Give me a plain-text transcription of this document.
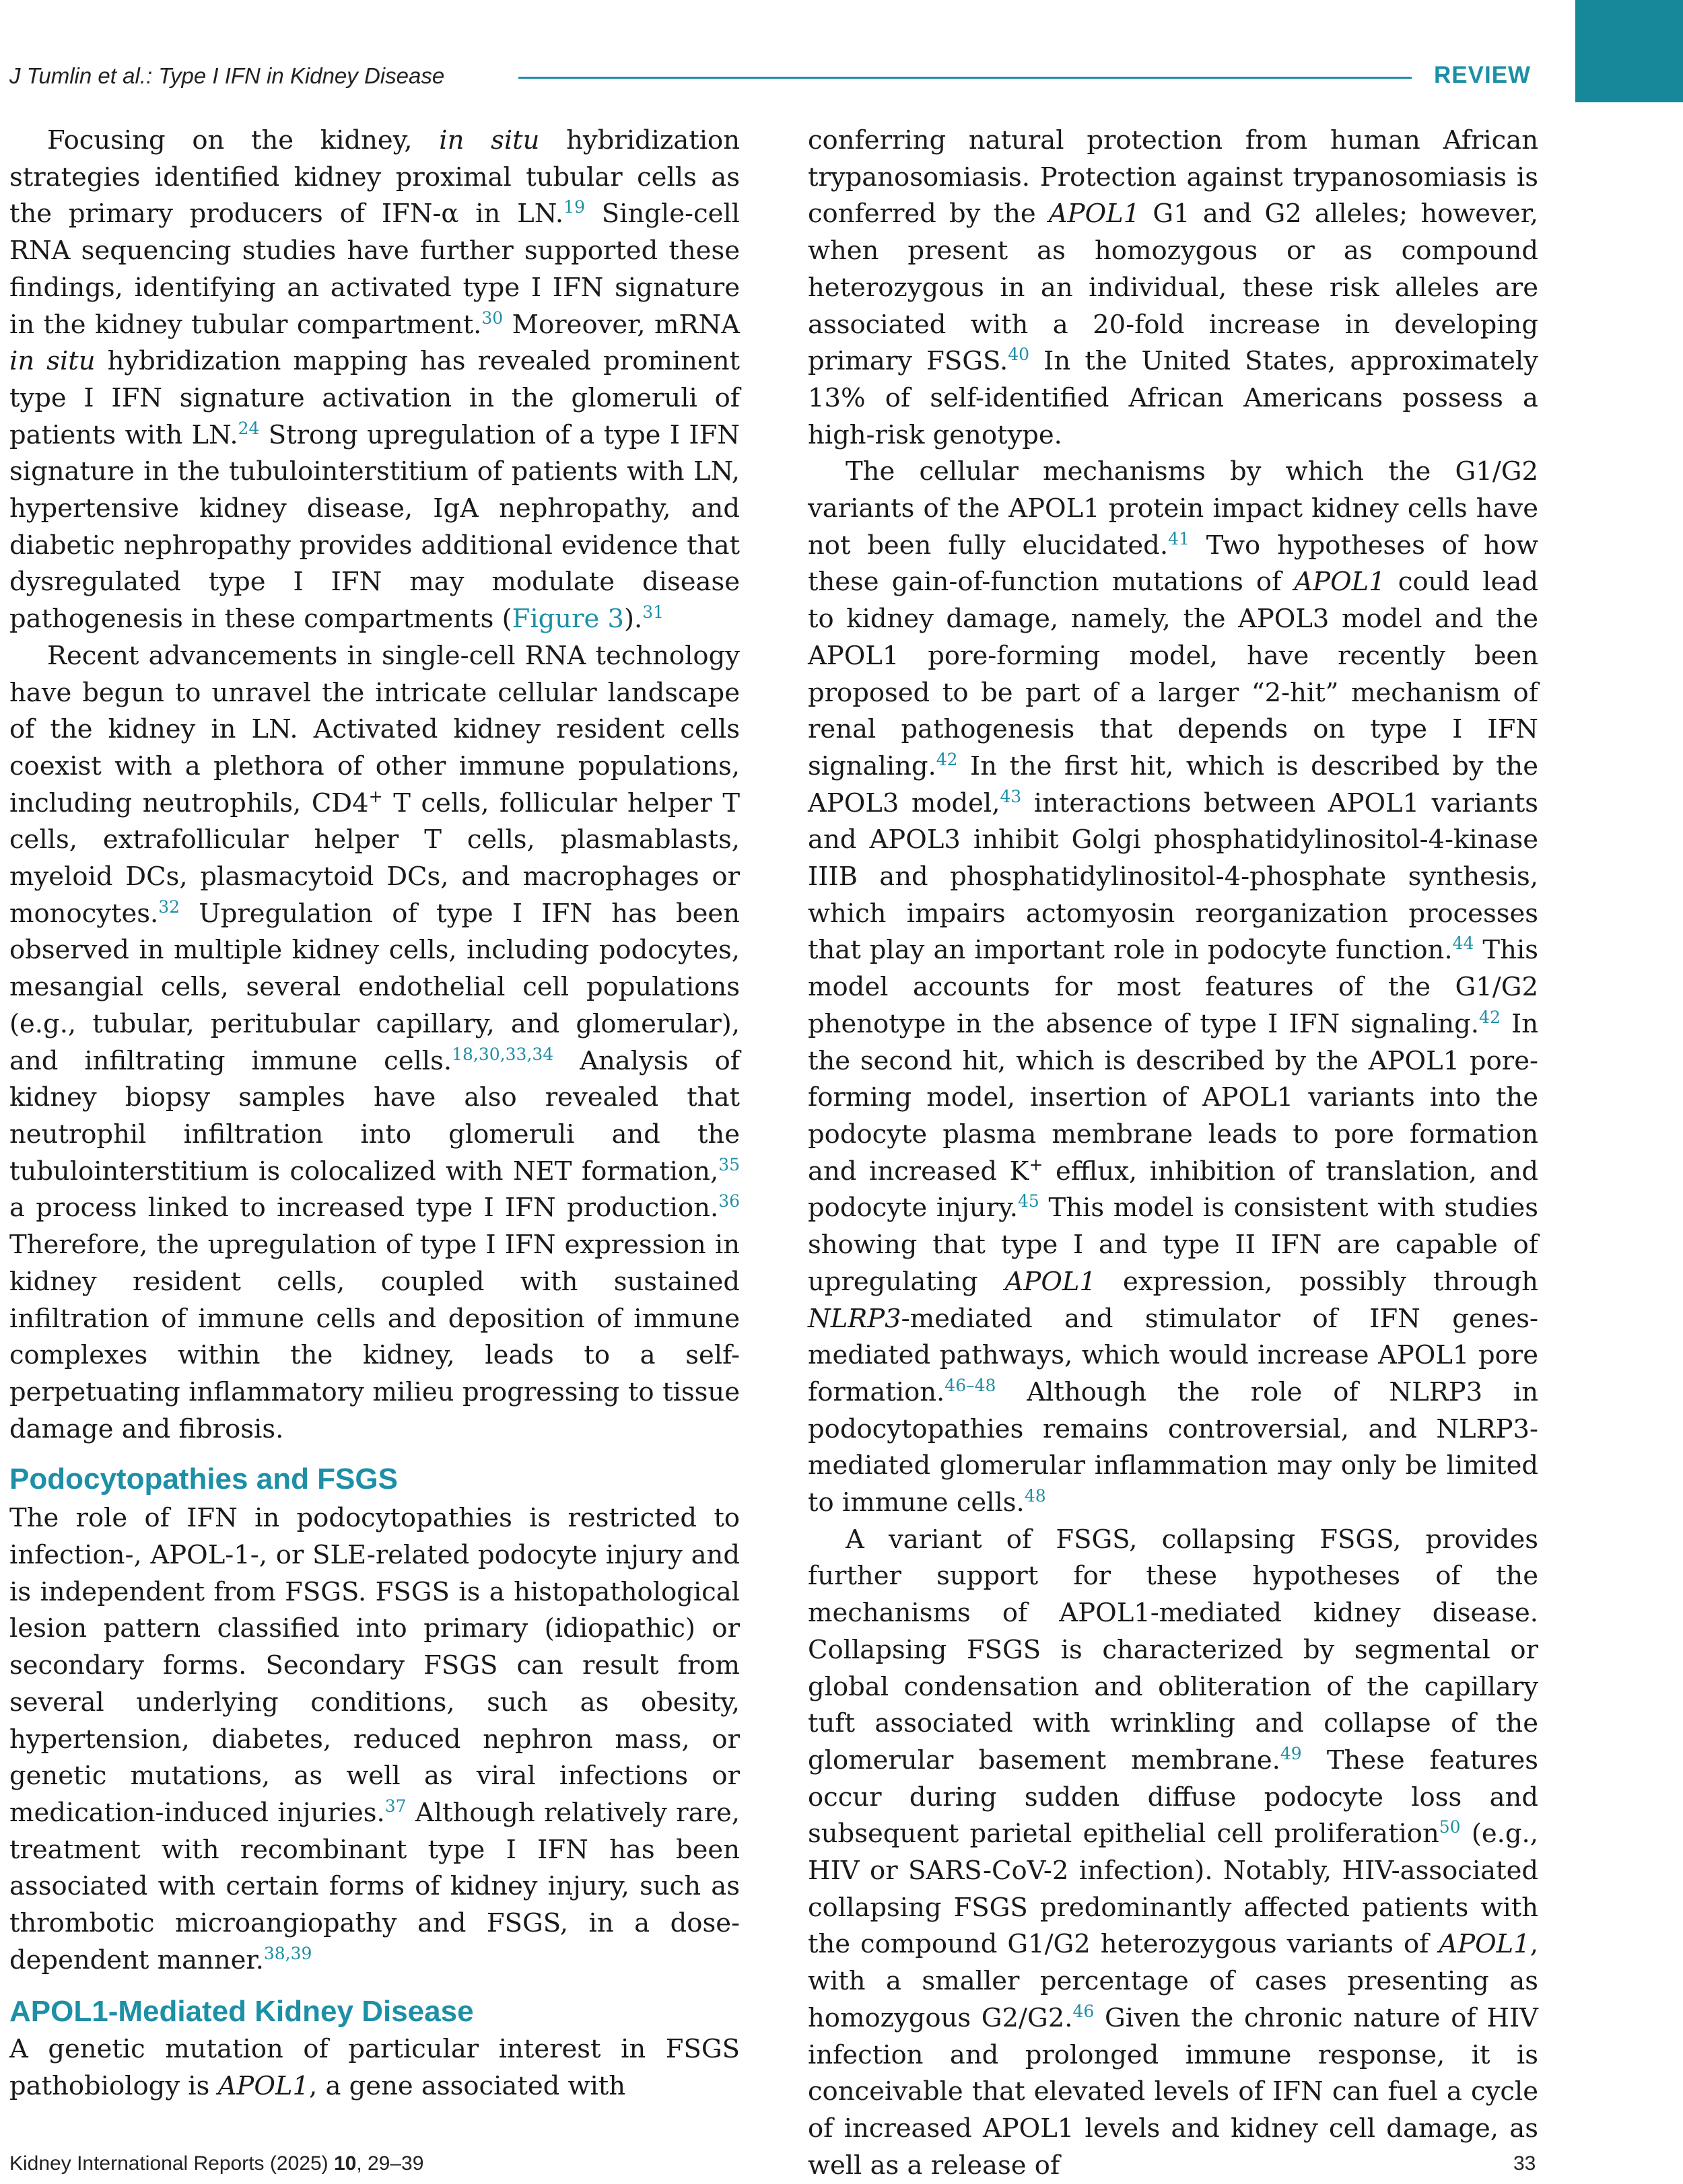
J Tumlin et al.: Type I IFN in Kidney Disease	REVIEW

Focusing on the kidney, in situ hybridization strategies identified kidney proximal tubular cells as the primary producers of IFN-α in LN.$^{19}$ Single-cell RNA sequencing studies have further supported these findings, identifying an activated type I IFN signature in the kidney tubular compartment.$^{30}$ Moreover, mRNA in situ hybridization mapping has revealed prominent type I IFN signature activation in the glomeruli of patients with LN.$^{24}$ Strong upregulation of a type I IFN signature in the tubulointerstitium of patients with LN, hypertensive kidney disease, IgA nephropathy, and diabetic nephropathy provides additional evidence that dysregulated type I IFN may modulate disease pathogenesis in these compartments (Figure 3).$^{31}$

Recent advancements in single-cell RNA technology have begun to unravel the intricate cellular landscape of the kidney in LN. Activated kidney resident cells coexist with a plethora of other immune populations, including neutrophils, CD4+ T cells, follicular helper T cells, extrafollicular helper T cells, plasmablasts, myeloid DCs, plasmacytoid DCs, and macrophages or monocytes.$^{32}$ Upregulation of type I IFN has been observed in multiple kidney cells, including podocytes, mesangial cells, several endothelial cell populations (e.g., tubular, peritubular capillary, and glomerular), and infiltrating immune cells.$^{18,30,33,34}$ Analysis of kidney biopsy samples have also revealed that neutrophil infiltration into glomeruli and the tubulointerstitium is colocalized with NET formation,$^{35}$ a process linked to increased type I IFN production.$^{36}$ Therefore, the upregulation of type I IFN expression in kidney resident cells, coupled with sustained infiltration of immune cells and deposition of immune complexes within the kidney, leads to a self-perpetuating inflammatory milieu progressing to tissue damage and fibrosis.

Podocytopathies and FSGS

The role of IFN in podocytopathies is restricted to infection-, APOL-1-, or SLE-related podocyte injury and is independent from FSGS. FSGS is a histopathological lesion pattern classified into primary (idiopathic) or secondary forms. Secondary FSGS can result from several underlying conditions, such as obesity, hypertension, diabetes, reduced nephron mass, or genetic mutations, as well as viral infections or medication-induced injuries.$^{37}$ Although relatively rare, treatment with recombinant type I IFN has been associated with certain forms of kidney injury, such as thrombotic microangiopathy and FSGS, in a dose-dependent manner.$^{38,39}$

APOL1-Mediated Kidney Disease

A genetic mutation of particular interest in FSGS pathobiology is APOL1, a gene associated with

conferring natural protection from human African trypanosomiasis. Protection against trypanosomiasis is conferred by the APOL1 G1 and G2 alleles; however, when present as homozygous or as compound heterozygous in an individual, these risk alleles are associated with a 20-fold increase in developing primary FSGS.$^{40}$ In the United States, approximately 13% of self-identified African Americans possess a high-risk genotype.

The cellular mechanisms by which the G1/G2 variants of the APOL1 protein impact kidney cells have not been fully elucidated.$^{41}$ Two hypotheses of how these gain-of-function mutations of APOL1 could lead to kidney damage, namely, the APOL3 model and the APOL1 pore-forming model, have recently been proposed to be part of a larger “2-hit” mechanism of renal pathogenesis that depends on type I IFN signaling.$^{42}$ In the first hit, which is described by the APOL3 model,$^{43}$ interactions between APOL1 variants and APOL3 inhibit Golgi phosphatidylinositol-4-kinase IIIB and phosphatidylinositol-4-phosphate synthesis, which impairs actomyosin reorganization processes that play an important role in podocyte function.$^{44}$ This model accounts for most features of the G1/G2 phenotype in the absence of type I IFN signaling.$^{42}$ In the second hit, which is described by the APOL1 pore-forming model, insertion of APOL1 variants into the podocyte plasma membrane leads to pore formation and increased K+ efflux, inhibition of translation, and podocyte injury.$^{45}$ This model is consistent with studies showing that type I and type II IFN are capable of upregulating APOL1 expression, possibly through NLRP3-mediated and stimulator of IFN genes-mediated pathways, which would increase APOL1 pore formation.$^{46-48}$ Although the role of NLRP3 in podocytopathies remains controversial, and NLRP3-mediated glomerular inflammation may only be limited to immune cells.$^{48}$

A variant of FSGS, collapsing FSGS, provides further support for these hypotheses of the mechanisms of APOL1-mediated kidney disease. Collapsing FSGS is characterized by segmental or global condensation and obliteration of the capillary tuft associated with wrinkling and collapse of the glomerular basement membrane.$^{49}$ These features occur during sudden diffuse podocyte loss and subsequent parietal epithelial cell proliferation$^{50}$ (e.g., HIV or SARS-CoV-2 infection). Notably, HIV-associated collapsing FSGS predominantly affected patients with the compound G1/G2 heterozygous variants of APOL1, with a smaller percentage of cases presenting as homozygous G2/G2.46 Given the chronic nature of HIV infection and prolonged immune response, it is conceivable that elevated levels of IFN can fuel a cycle of increased APOL1 levels and kidney cell damage, as well as a release of

Kidney International Reports (2025) 10, 29–39	33
